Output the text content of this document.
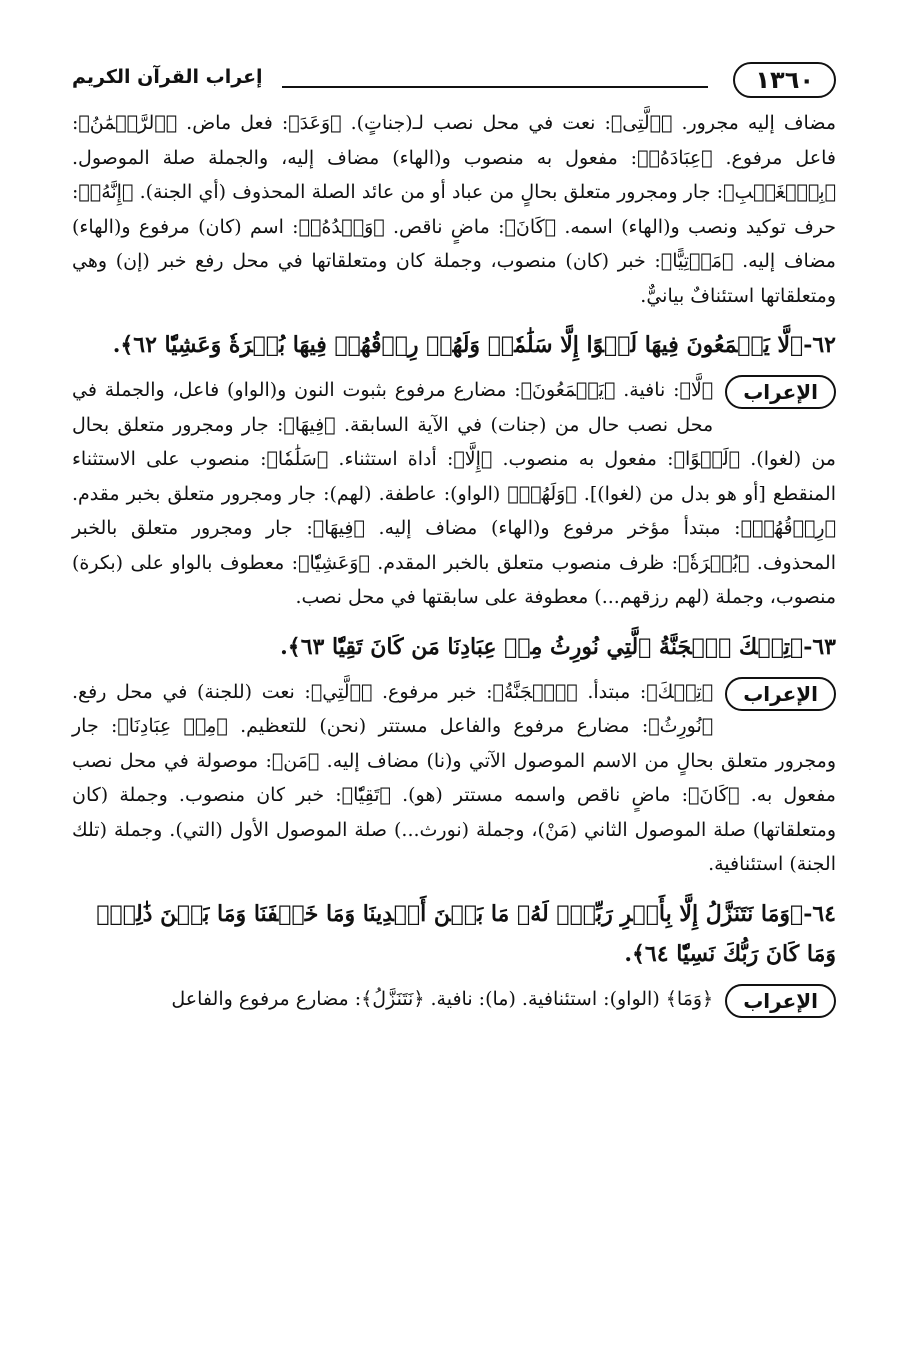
١٣٦٠
إعراب القرآن الكريم

مضاف إليه مجرور. ﴿ٱلَّتِى﴾: نعت في محل نصب لـ(جناتٍ). ﴿وَعَدَ﴾: فعل ماض. ﴿ٱلرَّحۡمَٰنُ﴾: فاعل مرفوع. ﴿عِبَادَهُۥ﴾: مفعول به منصوب و(الهاء) مضاف إليه، والجملة صلة الموصول. ﴿بِٱلۡغَيۡبِ﴾: جار ومجرور متعلق بحالٍ من عباد أو من عائد الصلة المحذوف (أي الجنة). ﴿إِنَّهُۥ﴾: حرف توكيد ونصب و(الهاء) اسمه. ﴿كَانَ﴾: ماضٍ ناقص. ﴿وَعۡدُهُۥ﴾: اسم (كان) مرفوع و(الهاء) مضاف إليه. ﴿مَأۡتِيًّا﴾: خبر (كان) منصوب، وجملة كان ومتعلقاتها في محل رفع خبر (إن) وهي ومتعلقاتها استئنافٌ بيانيٌّ.

٦٢-﴿لَّا يَسۡمَعُونَ فِيهَا لَغۡوًا إِلَّا سَلَٰمٗاۖ وَلَهُمۡ رِزۡقُهُمۡ فِيهَا بُكۡرَةٗ وَعَشِيّٗا ٦٢﴾.

الإعراب

﴿لَّا﴾: نافية. ﴿يَسۡمَعُونَ﴾: مضارع مرفوع بثبوت النون و(الواو) فاعل، والجملة في محل نصب حال من (جنات) في الآية السابقة. ﴿فِيهَا﴾: جار ومجرور متعلق بحال من (لغوا). ﴿لَغۡوًا﴾: مفعول به منصوب. ﴿إِلَّا﴾: أداة استثناء. ﴿سَلَٰمٗا﴾: منصوب على الاستثناء المنقطع [أو هو بدل من (لغوا)]. ﴿وَلَهُمۡ﴾ (الواو): عاطفة. (لهم): جار ومجرور متعلق بخبر مقدم. ﴿رِزۡقُهُمۡ﴾: مبتدأ مؤخر مرفوع و(الهاء) مضاف إليه. ﴿فِيهَا﴾: جار ومجرور متعلق بالخبر المحذوف. ﴿بُكۡرَةٗ﴾: ظرف منصوب متعلق بالخبر المقدم. ﴿وَعَشِيّٗا﴾: معطوف بالواو على (بكرة) منصوب، وجملة (لهم رزقهم...) معطوفة على سابقتها في محل نصب.

٦٣-﴿تِلۡكَ ٱلۡجَنَّةُ ٱلَّتِي نُورِثُ مِنۡ عِبَادِنَا مَن كَانَ تَقِيّٗا ٦٣﴾.

الإعراب

﴿تِلۡكَ﴾: مبتدأ. ﴿ٱلۡجَنَّةُ﴾: خبر مرفوع. ﴿ٱلَّتِي﴾: نعت (للجنة) في محل رفع. ﴿نُورِثُ﴾: مضارع مرفوع والفاعل مستتر (نحن) للتعظيم. ﴿مِنۡ عِبَادِنَا﴾: جار ومجرور متعلق بحالٍ من الاسم الموصول الآتي و(نا) مضاف إليه. ﴿مَن﴾: موصولة في محل نصب مفعول به. ﴿كَانَ﴾: ماضٍ ناقص واسمه مستتر (هو). ﴿تَقِيّٗا﴾: خبر كان منصوب. وجملة (كان ومتعلقاتها) صلة الموصول الثاني (مَنْ)، وجملة (نورث...) صلة الموصول الأول (التي). وجملة (تلك الجنة) استئنافية.

٦٤-﴿وَمَا نَتَنَزَّلُ إِلَّا بِأَمۡرِ رَبِّكَۖ لَهُۥ مَا بَيۡنَ أَيۡدِينَا وَمَا خَلۡفَنَا وَمَا بَيۡنَ ذَٰلِكَۚ وَمَا كَانَ رَبُّكَ نَسِيّٗا ٦٤﴾.

الإعراب

﴿وَمَا﴾ (الواو): استئنافية. (ما): نافية. ﴿نَتَنَزَّلُ﴾: مضارع مرفوع والفاعل
